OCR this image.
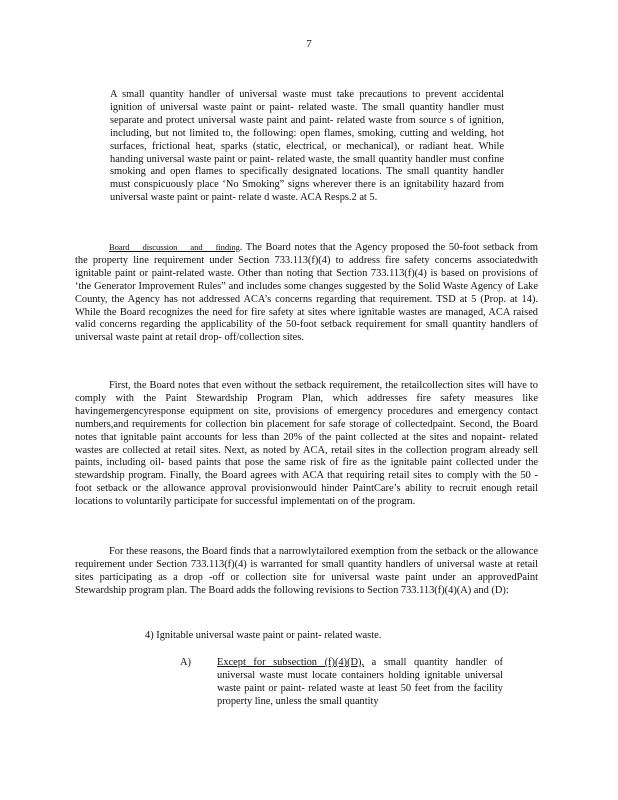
7
A small quantity handler of universal waste must take precautions to prevent accidental ignition of universal waste paint or paint- related waste. The small quantity handler must separate and protect universal waste paint and paint- related waste from source s of ignition, including, but not limited to, the following: open flames, smoking, cutting and welding, hot surfaces, frictional heat, sparks (static, electrical, or mechanical), or radiant heat. While handing universal waste paint or paint- related waste, the small quantity handler must confine smoking and open flames to specifically designated locations. The small quantity handler must conspicuously place ‘No Smoking” signs wherever there is an ignitability hazard from universal waste paint or paint- relate d waste. ACA Resps.2 at 5.
Board discussion and finding. The Board notes that the Agency proposed the 50-foot setback from the property line requirement under Section 733.113(f)(4) to address fire safety concerns associatedwith ignitable paint or paint-related waste. Other than noting that Section 733.113(f)(4) is based on provisions of ‘the Generator Improvement Rules” and includes some changes suggested by the Solid Waste Agency of Lake County, the Agency has not addressed ACA’s concerns regarding that requirement. TSD at 5 (Prop. at 14). While the Board recognizes the need for fire safety at sites where ignitable wastes are managed, ACA raised valid concerns regarding the applicability of the 50-foot setback requirement for small quantity handlers of universal waste paint at retail drop- off/collection sites.
First, the Board notes that even without the setback requirement, the retailcollection sites will have to comply with the Paint Stewardship Program Plan, which addresses fire safety measures like havingemergencyresponse equipment on site, provisions of emergency procedures and emergency contact numbers,and requirements for collection bin placement for safe storage of collectedpaint. Second, the Board notes that ignitable paint accounts for less than 20% of the paint collected at the sites and nopaint- related wastes are collected at retail sites. Next, as noted by ACA, retail sites in the collection program already sell paints, including oil- based paints that pose the same risk of fire as the ignitable paint collected under the stewardship program. Finally, the Board agrees with ACA that requiring retail sites to comply with the 50 - foot setback or the allowance approval provisionwould hinder PaintCare’s ability to recruit enough retail locations to voluntarily participate for successful implementati on of the program.
For these reasons, the Board finds that a narrowlytailored exemption from the setback or the allowance requirement under Section 733.113(f)(4) is warranted for small quantity handlers of universal waste at retail sites participating as a drop -off or collection site for universal waste paint under an approvedPaint Stewardship program plan. The Board adds the following revisions to Section 733.113(f)(4)(A) and (D):
4) Ignitable universal waste paint or paint- related waste.
A)	Except for subsection (f)(4)(D), a small quantity handler of universal waste must locate containers holding ignitable universal waste paint or paint- related waste at least 50 feet from the facility property line, unless the small quantity
